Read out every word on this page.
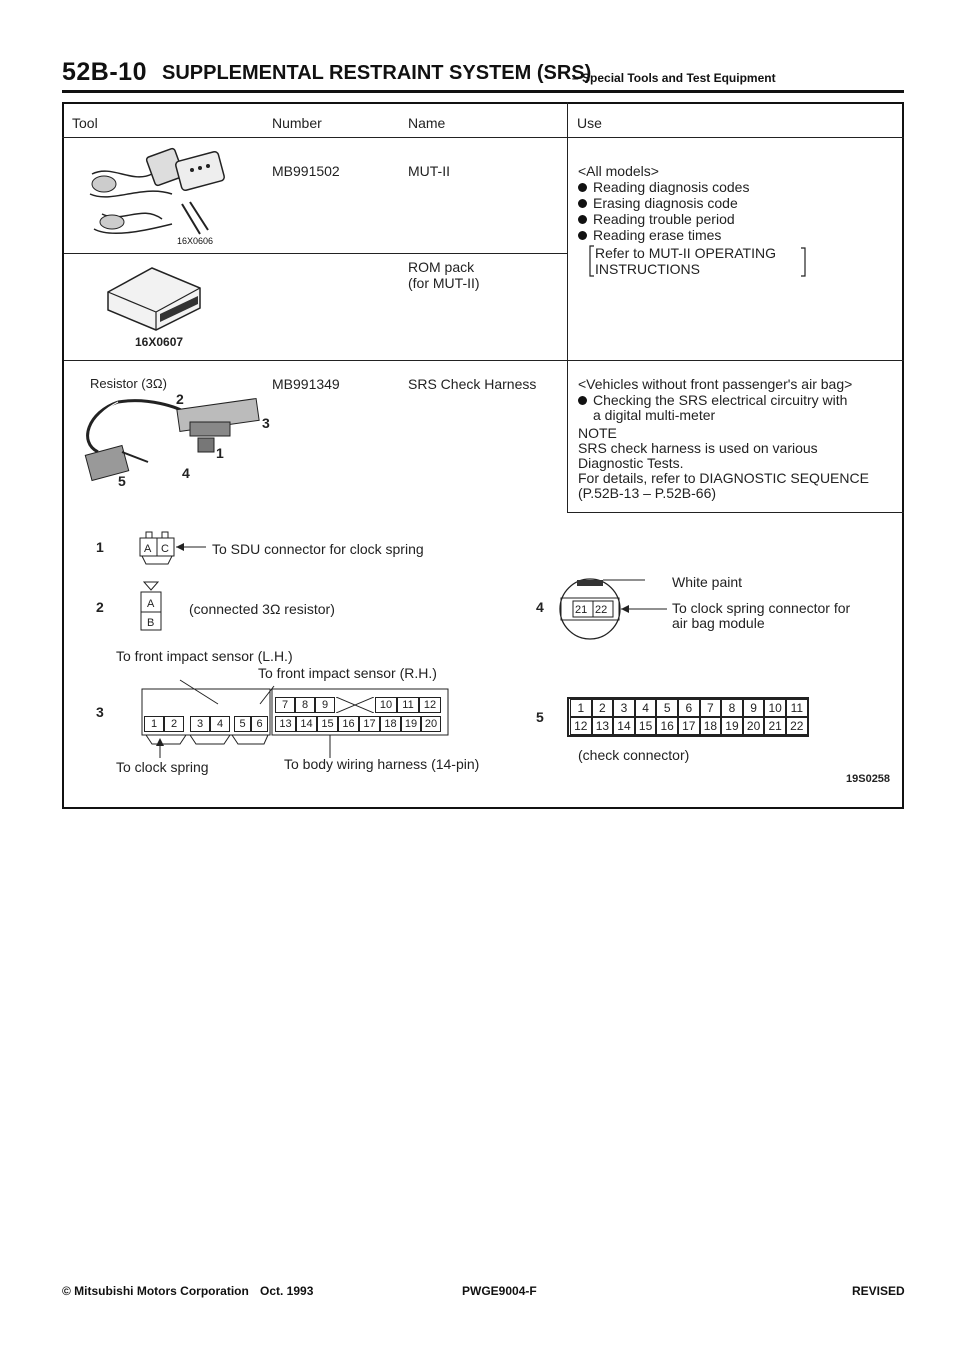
52B-10 SUPPLEMENTAL RESTRAINT SYSTEM (SRS)
– Special Tools and Test Equipment
Tool	Number	Name	Use
16X0606
MB991502	MUT-II	<All models>
Reading diagnosis codes
Erasing diagnosis code
Reading trouble period
Reading erase times
Refer to MUT-II OPERATING
INSTRUCTIONS
16X0607
ROM pack
(for MUT-II)
Resistor (3Ω)
2
3
1
4
5
MB991349	SRS Check Harness	<Vehicles without front passenger's air bag>
Checking the SRS electrical circuitry with
a digital multi-meter
NOTE
SRS check harness is used on various
Diagnostic Tests.
For details, refer to DIAGNOSTIC SEQUENCE
(P.52B-13 – P.52B-66)
1	A C	To SDU connector for clock spring
2	A
B
(connected 3Ω resistor)	4	21 22
White paint
To clock spring connector for
air bag module
To front impact sensor (L.H.)
To front impact sensor (R.H.)
3
1	2	3	4	5 6
7	8	9	10 11 12
13 14 15 16 17 18 19 20
To clock spring	To body wiring harness (14-pin)
5
1	2	3	4	5	6	7	8	9 10 11
12 13 14 15 16 17 18 19 20 21 22
(check connector)
19S0258
© Mitsubishi Motors Corporation Oct. 1993	PWGE9004-F	REVISED
